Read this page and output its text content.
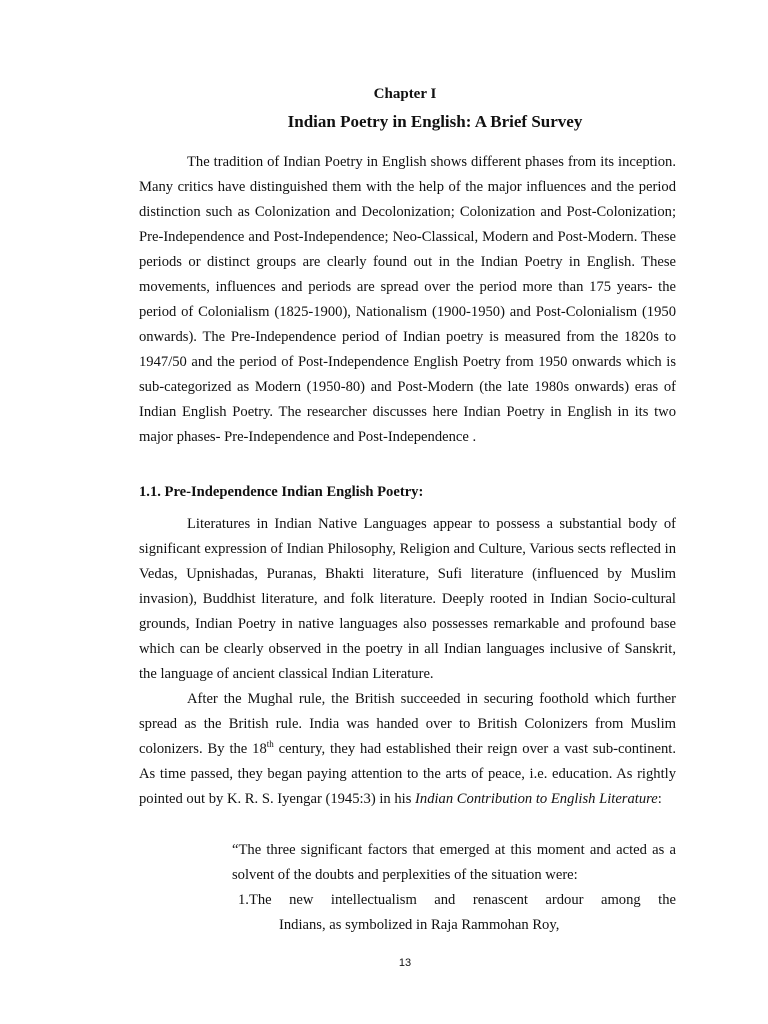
Chapter I
Indian Poetry in English: A Brief Survey
The tradition of Indian Poetry in English shows different phases from its inception. Many critics have distinguished them with the help of the major influences and the period distinction such as Colonization and Decolonization; Colonization and Post-Colonization; Pre-Independence and Post-Independence; Neo-Classical, Modern and Post-Modern. These periods or distinct groups are clearly found out in the Indian Poetry in English. These movements, influences and periods are spread over the period more than 175 years- the period of Colonialism (1825-1900), Nationalism (1900-1950) and Post-Colonialism (1950 onwards). The Pre-Independence period of Indian poetry is measured from the 1820s to 1947/50 and the period of Post-Independence English Poetry from 1950 onwards which is sub-categorized as Modern (1950-80) and Post-Modern (the late 1980s onwards) eras of Indian English Poetry. The researcher discusses here Indian Poetry in English in its two major phases- Pre-Independence and Post-Independence .
1.1. Pre-Independence Indian English Poetry:
Literatures in Indian Native Languages appear to possess a substantial body of significant expression of Indian Philosophy, Religion and Culture, Various sects reflected in Vedas, Upnishadas, Puranas, Bhakti literature, Sufi literature (influenced by Muslim invasion), Buddhist literature, and folk literature. Deeply rooted in Indian Socio-cultural grounds, Indian Poetry in native languages also possesses remarkable and profound base which can be clearly observed in the poetry in all Indian languages inclusive of Sanskrit, the language of ancient classical Indian Literature.
After the Mughal rule, the British succeeded in securing foothold which further spread as the British rule. India was handed over to British Colonizers from Muslim colonizers. By the 18th century, they had established their reign over a vast sub-continent. As time passed, they began paying attention to the arts of peace, i.e. education. As rightly pointed out by K. R. S. Iyengar (1945:3) in his Indian Contribution to English Literature:
“The three significant factors that emerged at this moment and acted as a solvent of the doubts and perplexities of the situation were:
1.The new intellectualism and renascent ardour among the
Indians, as symbolized in Raja Rammohan Roy,
13
